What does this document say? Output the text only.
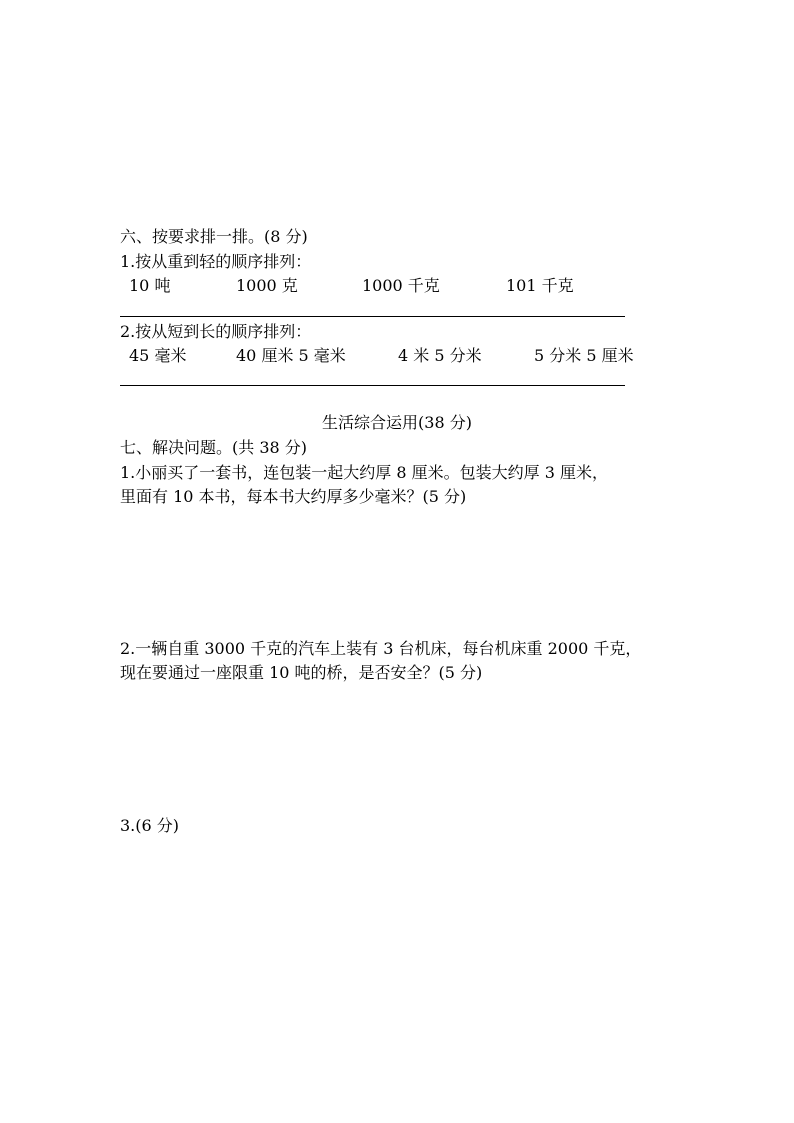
六、按要求排一排。(8 分)
1.按从重到轻的顺序排列：
10 吨	1000 克	1000 千克	101 千克
2.按从短到长的顺序排列：
45 毫米	40 厘米 5 毫米	4 米 5 分米	5 分米 5 厘米
生活综合运用(38 分)
七、解决问题。(共 38 分)
1.小丽买了一套书，连包装一起大约厚 8 厘米。包装大约厚 3 厘米，
里面有 10 本书，每本书大约厚多少毫米？(5 分)
2.一辆自重 3000 千克的汽车上装有 3 台机床，每台机床重 2000 千克，
现在要通过一座限重 10 吨的桥，是否安全？(5 分)
3.(6 分)
